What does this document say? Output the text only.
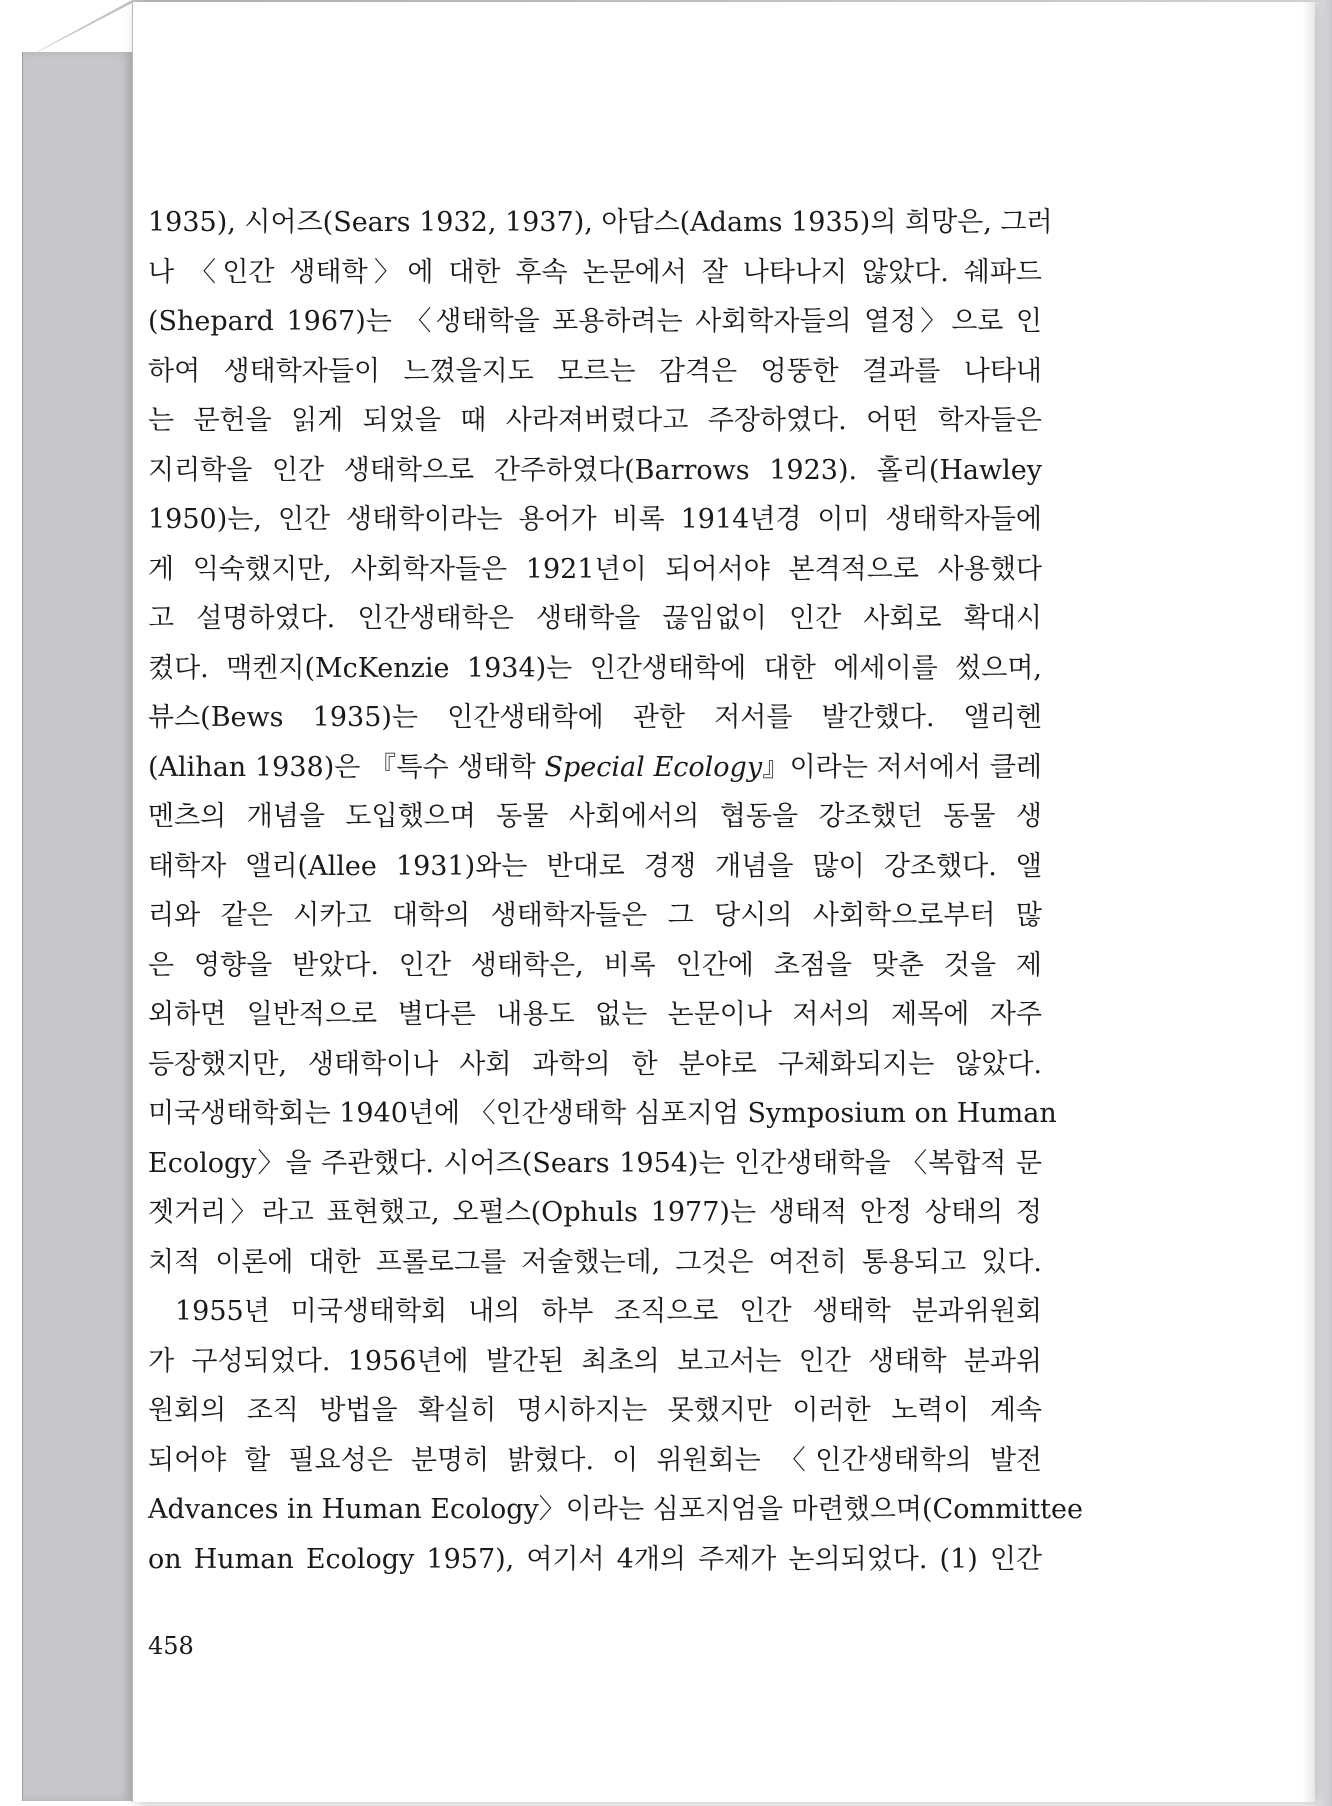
1935), 시어즈(Sears 1932, 1937), 아담스(Adams 1935)의 희망은, 그러
나 〈인간 생태학〉에 대한 후속 논문에서 잘 나타나지 않았다. 쉐파드
(Shepard 1967)는 〈생태학을 포용하려는 사회학자들의 열정〉으로 인
하여 생태학자들이 느꼈을지도 모르는 감격은 엉뚱한 결과를 나타내
는 문헌을 읽게 되었을 때 사라져버렸다고 주장하였다. 어떤 학자들은
지리학을 인간 생태학으로 간주하였다(Barrows 1923). 홀리(Hawley
1950)는, 인간 생태학이라는 용어가 비록 1914년경 이미 생태학자들에
게 익숙했지만, 사회학자들은 1921년이 되어서야 본격적으로 사용했다
고 설명하였다. 인간생태학은 생태학을 끊임없이 인간 사회로 확대시
켰다. 맥켄지(McKenzie 1934)는 인간생태학에 대한 에세이를 썼으며,
뷰스(Bews 1935)는 인간생태학에 관한 저서를 발간했다. 앨리헨
(Alihan 1938)은 『특수 생태학 Special Ecology』이라는 저서에서 클레
멘츠의 개념을 도입했으며 동물 사회에서의 협동을 강조했던 동물 생
태학자 앨리(Allee 1931)와는 반대로 경쟁 개념을 많이 강조했다. 앨
리와 같은 시카고 대학의 생태학자들은 그 당시의 사회학으로부터 많
은 영향을 받았다. 인간 생태학은, 비록 인간에 초점을 맞춘 것을 제
외하면 일반적으로 별다른 내용도 없는 논문이나 저서의 제목에 자주
등장했지만, 생태학이나 사회 과학의 한 분야로 구체화되지는 않았다.
미국생태학회는 1940년에 〈인간생태학 심포지엄 Symposium on Human
Ecology〉을 주관했다. 시어즈(Sears 1954)는 인간생태학을 〈복합적 문
젯거리〉라고 표현했고, 오펄스(Ophuls 1977)는 생태적 안정 상태의 정
치적 이론에 대한 프롤로그를 저술했는데, 그것은 여전히 통용되고 있다.
1955년 미국생태학회 내의 하부 조직으로 인간 생태학 분과위원회
가 구성되었다. 1956년에 발간된 최초의 보고서는 인간 생태학 분과위
원회의 조직 방법을 확실히 명시하지는 못했지만 이러한 노력이 계속
되어야 할 필요성은 분명히 밝혔다. 이 위원회는 〈인간생태학의 발전
Advances in Human Ecology〉이라는 심포지엄을 마련했으며(Committee
on Human Ecology 1957), 여기서 4개의 주제가 논의되었다. (1) 인간
458
